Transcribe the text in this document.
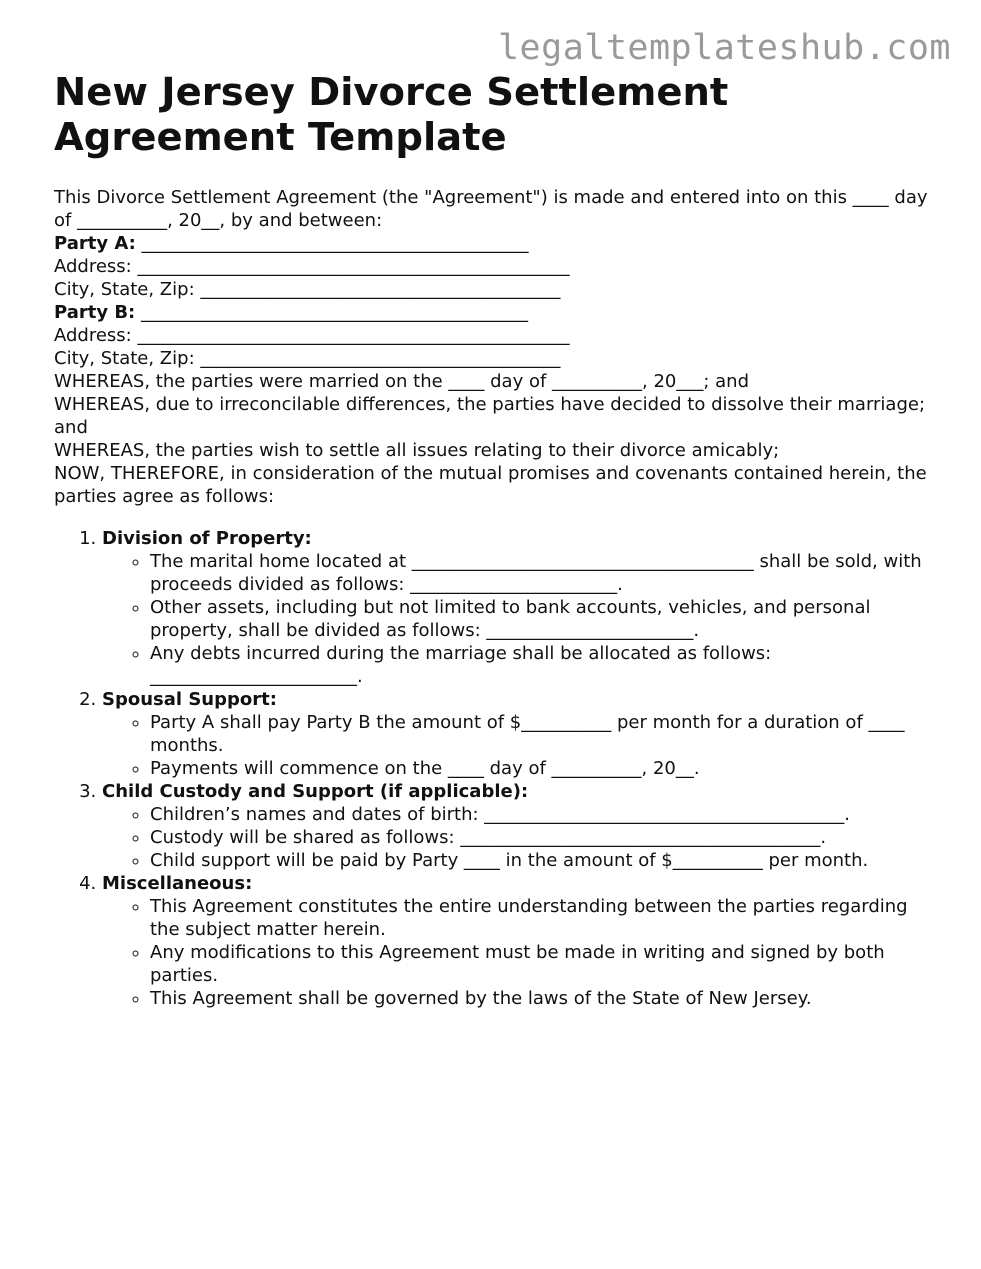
legaltemplateshub.com
New Jersey Divorce Settlement Agreement Template

This Divorce Settlement Agreement (the "Agreement") is made and entered into on this ____ day of __________, 20__, by and between:

Party A: ___________________________________________

Address: ________________________________________________

City, State, Zip: ________________________________________

Party B: ___________________________________________

Address: ________________________________________________

City, State, Zip: ________________________________________

WHEREAS, the parties were married on the ____ day of __________, 20___; and

WHEREAS, due to irreconcilable differences, the parties have decided to dissolve their marriage; and

WHEREAS, the parties wish to settle all issues relating to their divorce amicably;

NOW, THEREFORE, in consideration of the mutual promises and covenants contained herein, the parties agree as follows:

1. Division of Property:
◦ The marital home located at ______________________________________ shall be sold, with proceeds divided as follows: _______________________.
◦ Other assets, including but not limited to bank accounts, vehicles, and personal property, shall be divided as follows: _______________________.
◦ Any debts incurred during the marriage shall be allocated as follows: _______________________.
2. Spousal Support:
◦ Party A shall pay Party B the amount of $__________ per month for a duration of ____ months.
◦ Payments will commence on the ____ day of __________, 20__.
3. Child Custody and Support (if applicable):
◦ Children’s names and dates of birth: ________________________________________.
◦ Custody will be shared as follows: ________________________________________.
◦ Child support will be paid by Party ____ in the amount of $__________ per month.
4. Miscellaneous:
◦ This Agreement constitutes the entire understanding between the parties regarding the subject matter herein.
◦ Any modifications to this Agreement must be made in writing and signed by both parties.
◦ This Agreement shall be governed by the laws of the State of New Jersey.
